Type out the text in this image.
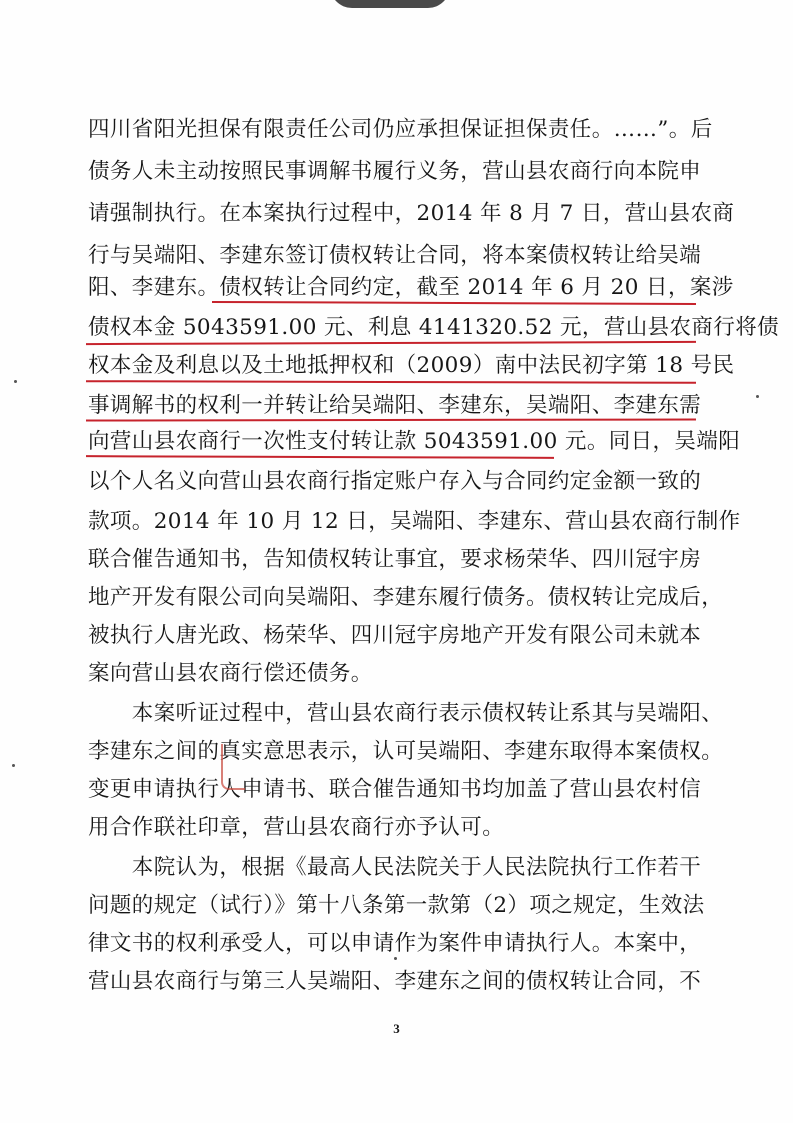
四川省阳光担保有限责任公司仍应承担保证担保责任。……”。后
债务人未主动按照民事调解书履行义务，营山县农商行向本院申
请强制执行。在本案执行过程中，2014 年 8 月 7 日，营山县农商
行与吴端阳、李建东签订债权转让合同，将本案债权转让给吴端
阳、李建东。债权转让合同约定，截至 2014 年 6 月 20 日，案涉
债权本金 5043591.00 元、利息 4141320.52 元，营山县农商行将债
权本金及利息以及土地抵押权和（2009）南中法民初字第 18 号民
事调解书的权利一并转让给吴端阳、李建东，吴端阳、李建东需
向营山县农商行一次性支付转让款 5043591.00 元。同日，吴端阳
以个人名义向营山县农商行指定账户存入与合同约定金额一致的
款项。2014 年 10 月 12 日，吴端阳、李建东、营山县农商行制作
联合催告通知书，告知债权转让事宜，要求杨荣华、四川冠宇房
地产开发有限公司向吴端阳、李建东履行债务。债权转让完成后，
被执行人唐光政、杨荣华、四川冠宇房地产开发有限公司未就本
案向营山县农商行偿还债务。
　　本案听证过程中，营山县农商行表示债权转让系其与吴端阳、
李建东之间的真实意思表示，认可吴端阳、李建东取得本案债权。
变更申请执行人申请书、联合催告通知书均加盖了营山县农村信
用合作联社印章，营山县农商行亦予认可。
　　本院认为，根据《最高人民法院关于人民法院执行工作若干
问题的规定（试行）》第十八条第一款第（2）项之规定，生效法
律文书的权利承受人，可以申请作为案件申请执行人。本案中，
营山县农商行与第三人吴端阳、李建东之间的债权转让合同，不
3
